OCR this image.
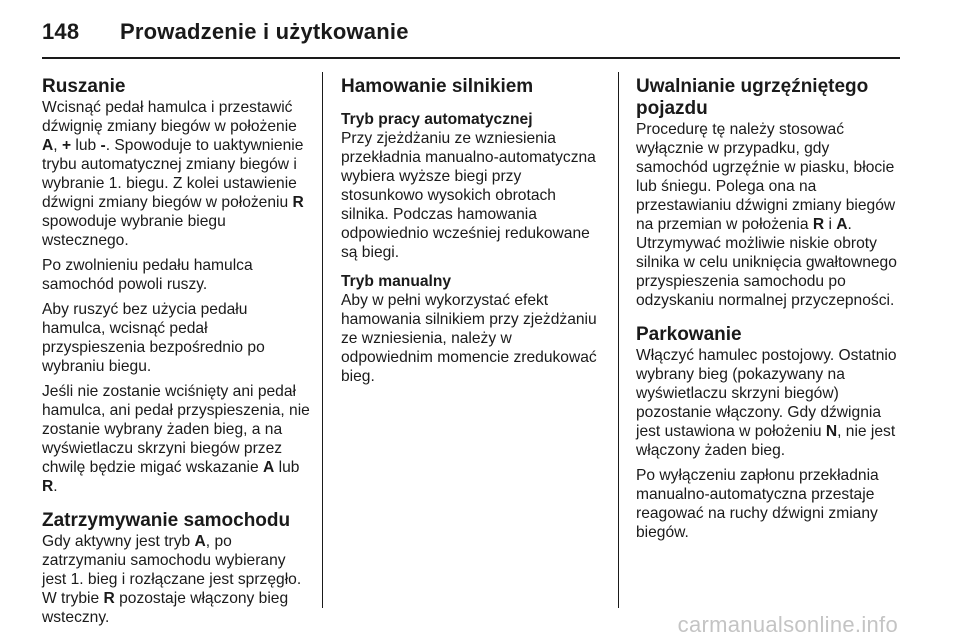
148	Prowadzenie i użytkowanie
Ruszanie

Wcisnąć pedał hamulca i przestawić dźwignię zmiany biegów w położenie A, + lub -. Spowoduje to uaktywnienie trybu automatycznej zmiany biegów i wybranie 1. biegu. Z kolei ustawienie dźwigni zmiany biegów w położeniu R spowoduje wybranie biegu wstecznego.

Po zwolnieniu pedału hamulca samochód powoli ruszy.

Aby ruszyć bez użycia pedału hamulca, wcisnąć pedał przyspieszenia bezpośrednio po wybraniu biegu.

Jeśli nie zostanie wciśnięty ani pedał hamulca, ani pedał przyspieszenia, nie zostanie wybrany żaden bieg, a na wyświetlaczu skrzyni biegów przez chwilę będzie migać wskazanie A lub R.

Zatrzymywanie samochodu

Gdy aktywny jest tryb A, po zatrzymaniu samochodu wybierany jest 1. bieg i rozłączane jest sprzęgło. W trybie R pozostaje włączony bieg wsteczny.

Hamowanie silnikiem
Tryb pracy automatycznej

Przy zjeżdżaniu ze wzniesienia przekładnia manualno-automatyczna wybiera wyższe biegi przy stosunkowo wysokich obrotach silnika. Podczas hamowania odpowiednio wcześniej redukowane są biegi.

Tryb manualny

Aby w pełni wykorzystać efekt hamowania silnikiem przy zjeżdżaniu ze wzniesienia, należy w odpowiednim momencie zredukować bieg.

Uwalnianie ugrzęźniętego pojazdu

Procedurę tę należy stosować wyłącznie w przypadku, gdy samochód ugrzęźnie w piasku, błocie lub śniegu. Polega ona na przestawianiu dźwigni zmiany biegów na przemian w położenia R i A. Utrzymywać możliwie niskie obroty silnika w celu uniknięcia gwałtownego przyspieszenia samochodu po odzyskaniu normalnej przyczepności.

Parkowanie

Włączyć hamulec postojowy. Ostatnio wybrany bieg (pokazywany na wyświetlaczu skrzyni biegów) pozostanie włączony. Gdy dźwignia jest ustawiona w położeniu N, nie jest włączony żaden bieg.

Po wyłączeniu zapłonu przekładnia manualno-automatyczna przestaje reagować na ruchy dźwigni zmiany biegów.

carmanualsonline.info
